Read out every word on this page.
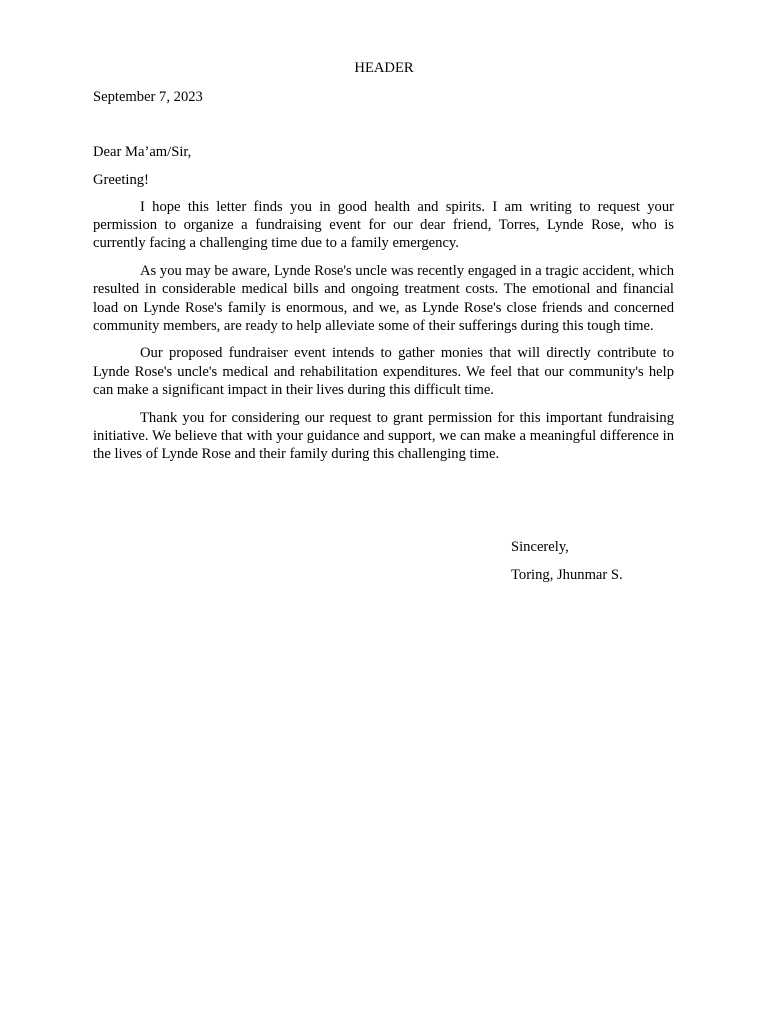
HEADER
September 7, 2023
Dear Ma’am/Sir,
Greeting!

I hope this letter finds you in good health and spirits. I am writing to request your permission to organize a fundraising event for our dear friend, Torres, Lynde Rose, who is currently facing a challenging time due to a family emergency.

As you may be aware, Lynde Rose's uncle was recently engaged in a tragic accident, which resulted in considerable medical bills and ongoing treatment costs. The emotional and financial load on Lynde Rose's family is enormous, and we, as Lynde Rose's close friends and concerned community members, are ready to help alleviate some of their sufferings during this tough time.

Our proposed fundraiser event intends to gather monies that will directly contribute to Lynde Rose's uncle's medical and rehabilitation expenditures. We feel that our community's help can make a significant impact in their lives during this difficult time.

Thank you for considering our request to grant permission for this important fundraising initiative. We believe that with your guidance and support, we can make a meaningful difference in the lives of Lynde Rose and their family during this challenging time.

Sincerely,
Toring, Jhunmar S.
